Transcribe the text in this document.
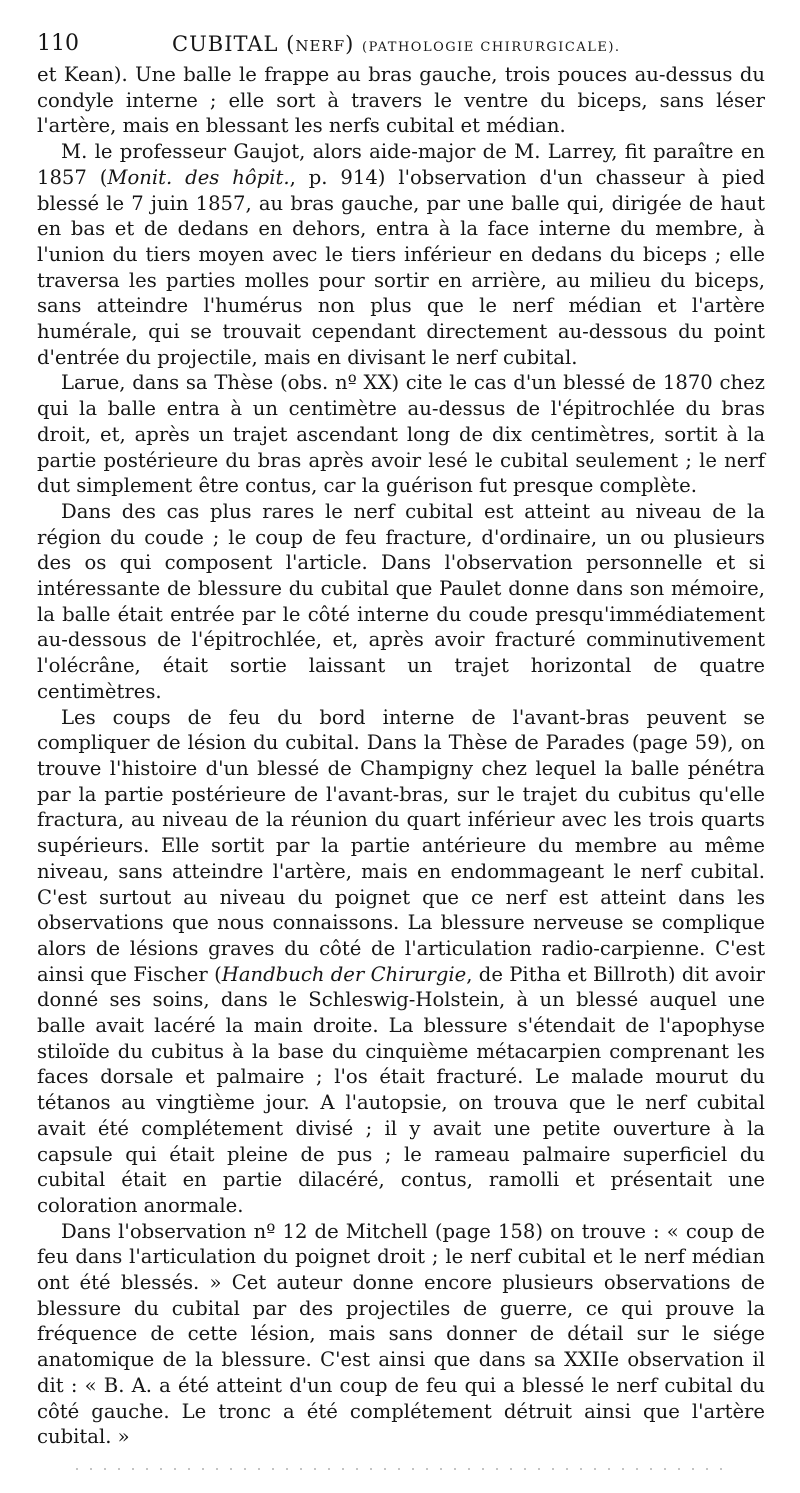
110	CUBITAL (NERF) (PATHOLOGIE CHIRURGICALE).

et Kean). Une balle le frappe au bras gauche, trois pouces au-dessus du condyle interne ; elle sort à travers le ventre du biceps, sans léser l'artère, mais en blessant les nerfs cubital et médian.

M. le professeur Gaujot, alors aide-major de M. Larrey, fit paraître en 1857 (Monit. des hôpit., p. 914) l'observation d'un chasseur à pied blessé le 7 juin 1857, au bras gauche, par une balle qui, dirigée de haut en bas et de dedans en dehors, entra à la face interne du membre, à l'union du tiers moyen avec le tiers inférieur en dedans du biceps ; elle traversa les parties molles pour sortir en arrière, au milieu du biceps, sans atteindre l'humérus non plus que le nerf médian et l'artère humérale, qui se trouvait cependant directement au-dessous du point d'entrée du projectile, mais en divisant le nerf cubital.

Larue, dans sa Thèse (obs. nº XX) cite le cas d'un blessé de 1870 chez qui la balle entra à un centimètre au-dessus de l'épitrochlée du bras droit, et, après un trajet ascendant long de dix centimètres, sortit à la partie postérieure du bras après avoir lesé le cubital seulement ; le nerf dut simplement être contus, car la guérison fut presque complète.

Dans des cas plus rares le nerf cubital est atteint au niveau de la région du coude ; le coup de feu fracture, d'ordinaire, un ou plusieurs des os qui composent l'article. Dans l'observation personnelle et si intéressante de blessure du cubital que Paulet donne dans son mémoire, la balle était entrée par le côté interne du coude presqu'immédiatement au-dessous de l'épitrochlée, et, après avoir fracturé comminutivement l'olécrâne, était sortie laissant un trajet horizontal de quatre centimètres.

Les coups de feu du bord interne de l'avant-bras peuvent se compliquer de lésion du cubital. Dans la Thèse de Parades (page 59), on trouve l'histoire d'un blessé de Champigny chez lequel la balle pénétra par la partie postérieure de l'avant-bras, sur le trajet du cubitus qu'elle fractura, au niveau de la réunion du quart inférieur avec les trois quarts supérieurs. Elle sortit par la partie antérieure du membre au même niveau, sans atteindre l'artère, mais en endommageant le nerf cubital. C'est surtout au niveau du poignet que ce nerf est atteint dans les observations que nous connaissons. La blessure nerveuse se complique alors de lésions graves du côté de l'articulation radio-carpienne. C'est ainsi que Fischer (Handbuch der Chirurgie, de Pitha et Billroth) dit avoir donné ses soins, dans le Schleswig-Holstein, à un blessé auquel une balle avait lacéré la main droite. La blessure s'étendait de l'apophyse stiloïde du cubitus à la base du cinquième métacarpien comprenant les faces dorsale et palmaire ; l'os était fracturé. Le malade mourut du tétanos au vingtième jour. A l'autopsie, on trouva que le nerf cubital avait été complétement divisé ; il y avait une petite ouverture à la capsule qui était pleine de pus ; le rameau palmaire superficiel du cubital était en partie dilacéré, contus, ramolli et présentait une coloration anormale.

Dans l'observation nº 12 de Mitchell (page 158) on trouve : « coup de feu dans l'articulation du poignet droit ; le nerf cubital et le nerf médian ont été blessés. » Cet auteur donne encore plusieurs observations de blessure du cubital par des projectiles de guerre, ce qui prouve la fréquence de cette lésion, mais sans donner de détail sur le siége anatomique de la blessure. C'est ainsi que dans sa XXIIe observation il dit : « B. A. a été atteint d'un coup de feu qui a blessé le nerf cubital du côté gauche. Le tronc a été complétement détruit ainsi que l'artère cubital. »
